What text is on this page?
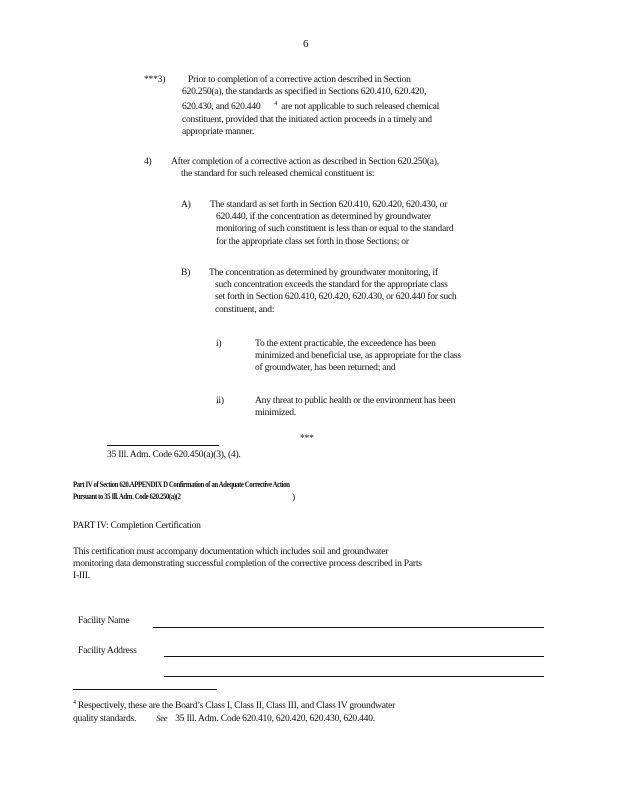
6
***3)	Prior to completion of a corrective action described in Section
620.250(a), the standards as specified in Sections 620.410, 620.420,
620.430, and 620.440 $^4$ are not applicable to such released chemical
constituent, provided that the initiated action proceeds in a timely and
appropriate manner.
4) After completion of a corrective action as described in Section 620.250(a),
the standard for such released chemical constituent is:
A) The standard as set forth in Section 620.410, 620.420, 620.430, or
620.440, if the concentration as determined by groundwater
monitoring of such constituent is less than or equal to the standard
for the appropriate class set forth in those Sections; or
B) The concentration as determined by groundwater monitoring, if
such concentration exceeds the standard for the appropriate class
set forth in Section 620.410, 620.420, 620.430, or 620.440 for such
constituent, and:
i)	To the extent practicable, the exceedence has been
minimized and beneficial use, as appropriate for the class
of groundwater, has been returned; and
ii)	Any threat to public health or the environment has been
minimized.
***
35 Ill. Adm. Code 620.450(a)(3), (4).
Part IV of Section 620.APPENDIX D Confirmation of an Adequate Corrective Action
Pursuant to 35 Ill. Adm. Code 620.250(a)(2	)
PART IV: Completion Certification
This certification must accompany documentation which includes soil and groundwater
monitoring data demonstrating successful completion of the corrective process described in Parts
I-III.
Facility Name
Facility Address
$^4$ Respectively, these are the Board’s Class I, Class II, Class III, and Class IV groundwater
quality standards. See 35 Ill. Adm. Code 620.410, 620.420, 620.430, 620.440.
